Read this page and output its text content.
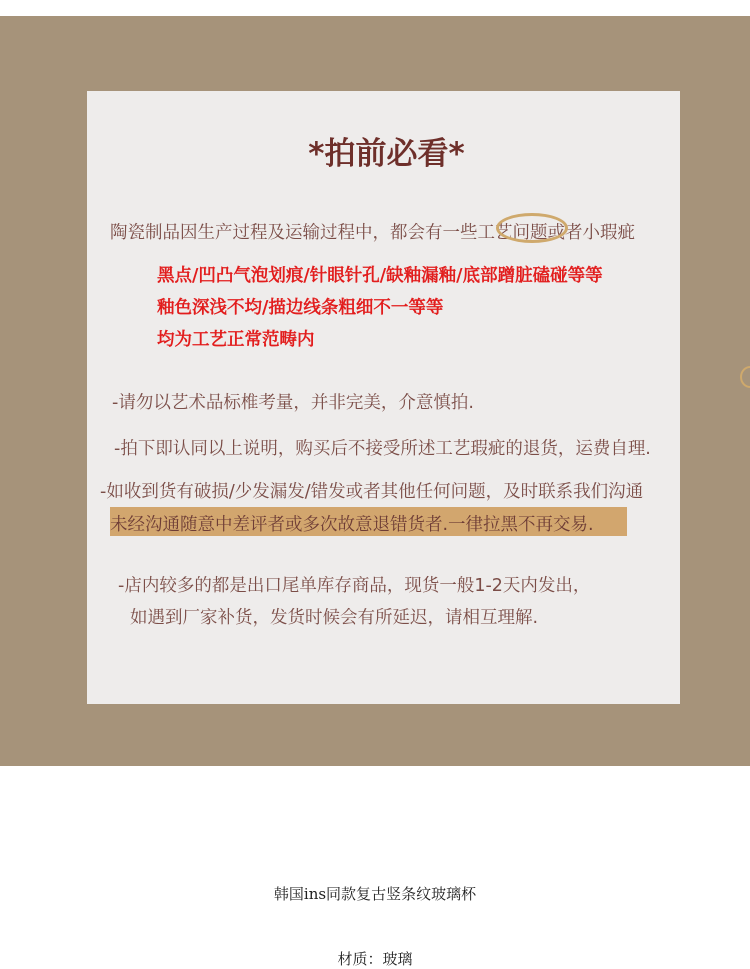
*拍前必看*
陶瓷制品因生产过程及运输过程中，都会有一些工艺问题或者小瑕疵
黑点/凹凸气泡划痕/针眼针孔/缺釉漏釉/底部蹭脏磕碰等等
釉色深浅不均/描边线条粗细不一等等
均为工艺正常范畴内
-请勿以艺术品标椎考量，并非完美，介意慎拍.
-拍下即认同以上说明，购买后不接受所述工艺瑕疵的退货，运费自理.
-如收到货有破损/少发漏发/错发或者其他任何问题，及时联系我们沟通
未经沟通随意中差评者或多次故意退错货者.一律拉黑不再交易.
-店内较多的都是出口尾单库存商品，现货一般1-2天内发出，
如遇到厂家补货，发货时候会有所延迟，请相互理解.
韩国ins同款复古竖条纹玻璃杯
材质：玻璃
